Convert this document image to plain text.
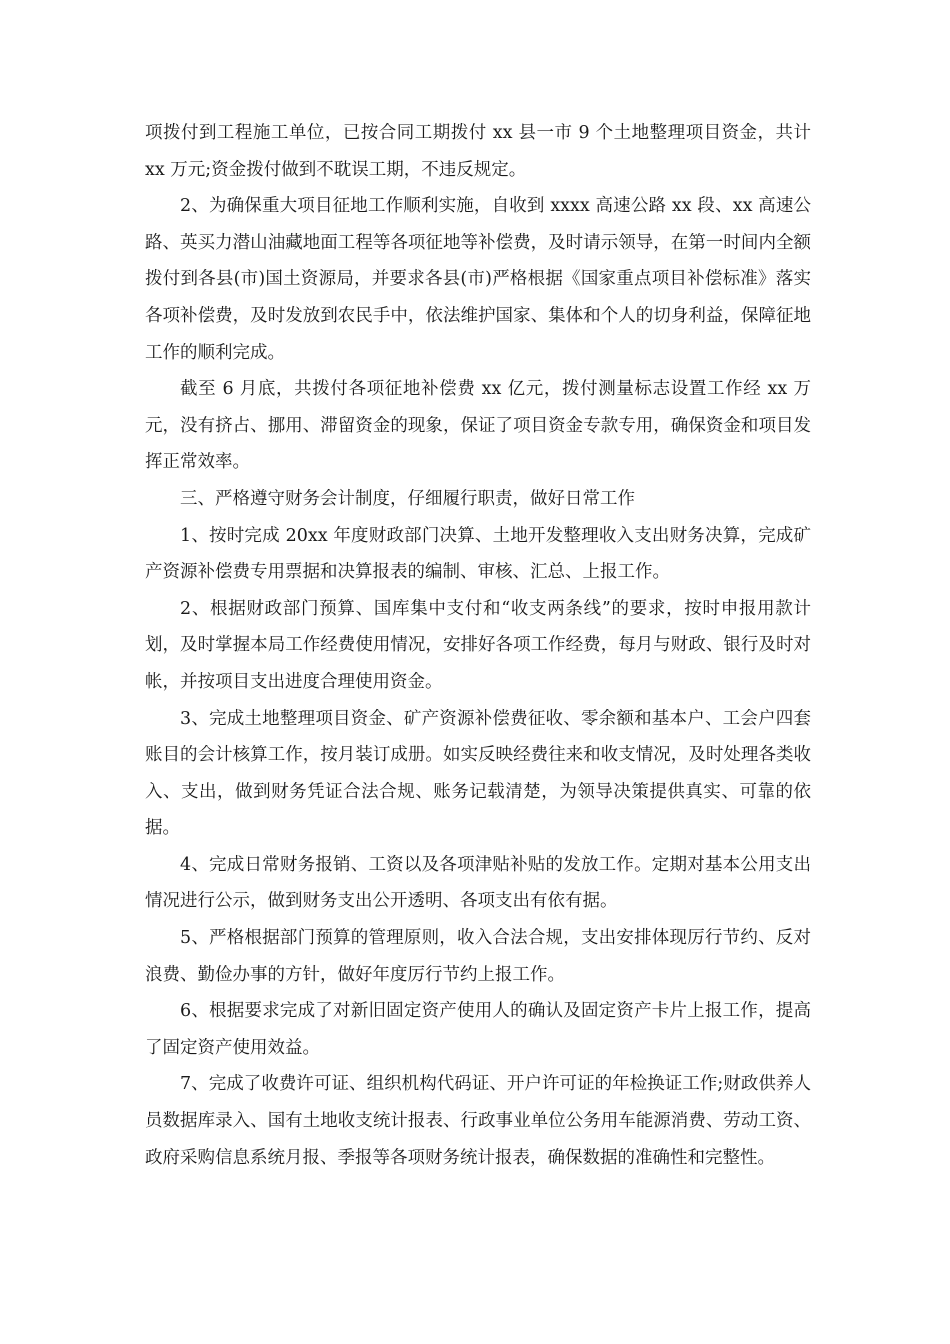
项拨付到工程施工单位，已按合同工期拨付 xx 县一市 9 个土地整理项目资金，共计 xx 万元;资金拨付做到不耽误工期，不违反规定。

2、为确保重大项目征地工作顺利实施，自收到 xxxx 高速公路 xx 段、xx 高速公路、英买力潜山油藏地面工程等各项征地等补偿费，及时请示领导，在第一时间内全额拨付到各县(市)国土资源局，并要求各县(市)严格根据《国家重点项目补偿标准》落实各项补偿费，及时发放到农民手中，依法维护国家、集体和个人的切身利益，保障征地工作的顺利完成。

截至 6 月底，共拨付各项征地补偿费 xx 亿元，拨付测量标志设置工作经 xx 万元，没有挤占、挪用、滞留资金的现象，保证了项目资金专款专用，确保资金和项目发挥正常效率。

三、严格遵守财务会计制度，仔细履行职责，做好日常工作

1、按时完成 20xx 年度财政部门决算、土地开发整理收入支出财务决算，完成矿产资源补偿费专用票据和决算报表的编制、审核、汇总、上报工作。

2、根据财政部门预算、国库集中支付和“收支两条线”的要求，按时申报用款计划，及时掌握本局工作经费使用情况，安排好各项工作经费，每月与财政、银行及时对帐，并按项目支出进度合理使用资金。

3、完成土地整理项目资金、矿产资源补偿费征收、零余额和基本户、工会户四套账目的会计核算工作，按月装订成册。如实反映经费往来和收支情况，及时处理各类收入、支出，做到财务凭证合法合规、账务记载清楚，为领导决策提供真实、可靠的依据。

4、完成日常财务报销、工资以及各项津贴补贴的发放工作。定期对基本公用支出情况进行公示，做到财务支出公开透明、各项支出有依有据。

5、严格根据部门预算的管理原则，收入合法合规，支出安排体现厉行节约、反对浪费、勤俭办事的方针，做好年度厉行节约上报工作。

6、根据要求完成了对新旧固定资产使用人的确认及固定资产卡片上报工作，提高了固定资产使用效益。

7、完成了收费许可证、组织机构代码证、开户许可证的年检换证工作;财政供养人员数据库录入、国有土地收支统计报表、行政事业单位公务用车能源消费、劳动工资、政府采购信息系统月报、季报等各项财务统计报表，确保数据的准确性和完整性。
